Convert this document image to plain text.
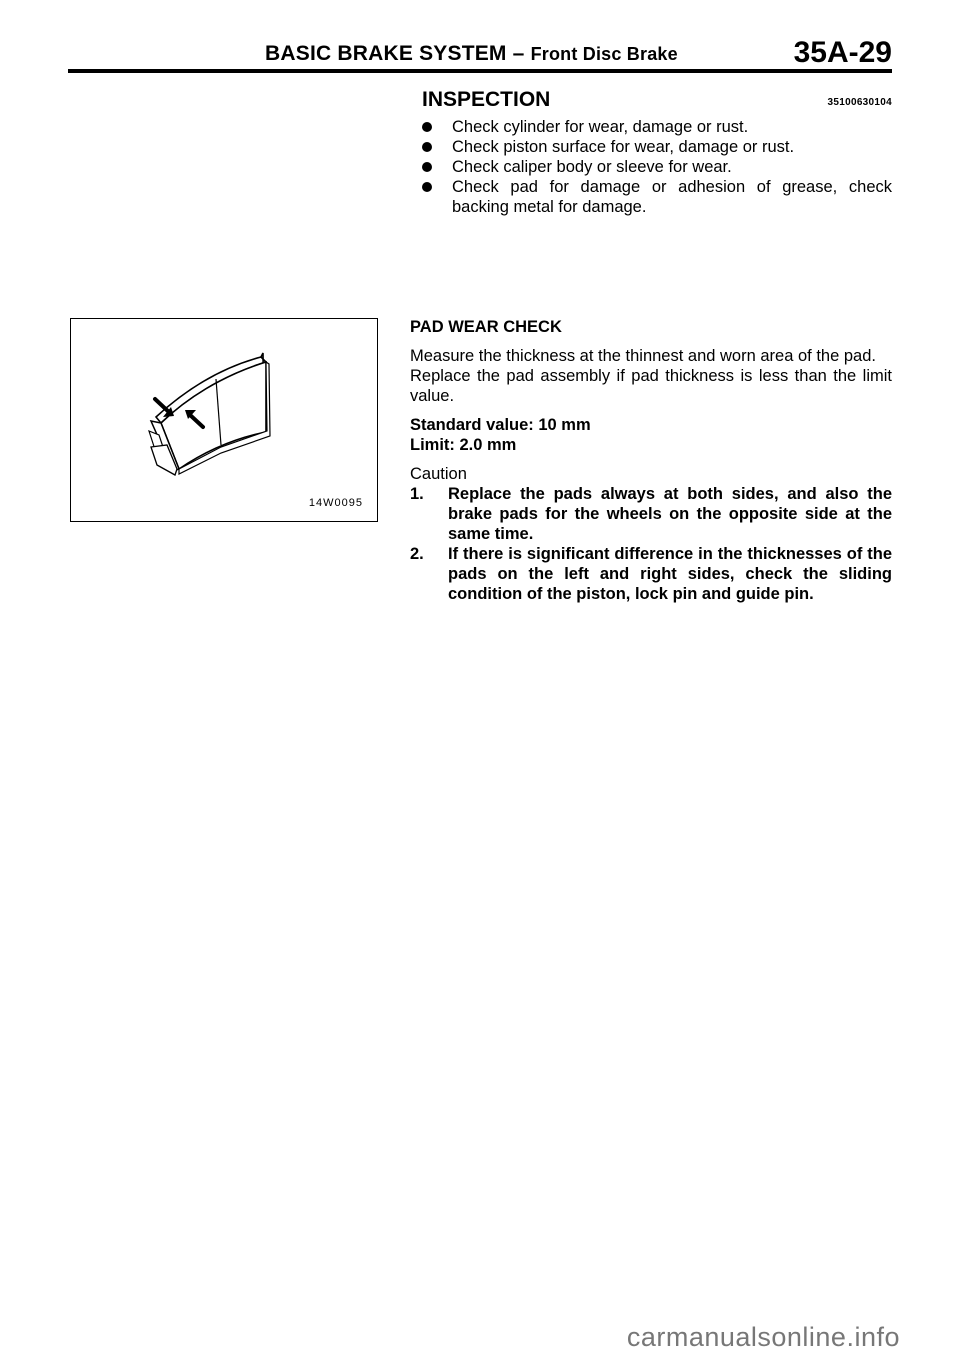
BASIC BRAKE SYSTEM – Front Disc Brake	35A-29
INSPECTION	35100630104
Check cylinder for wear, damage or rust.
Check piston surface for wear, damage or rust.
Check caliper body or sleeve for wear.
Check pad for damage or adhesion of grease, check backing metal for damage.
14W0095

PAD WEAR CHECK

Measure the thickness at the thinnest and worn area of the pad.

Replace the pad assembly if pad thickness is less than the limit value.

Standard value: 10 mm

Limit: 2.0 mm

Caution

1. Replace the pads always at both sides, and also the brake pads for the wheels on the opposite side at the same time.
2. If there is significant difference in the thicknesses of the pads on the left and right sides, check the sliding condition of the piston, lock pin and guide pin.
carmanualsonline.info
